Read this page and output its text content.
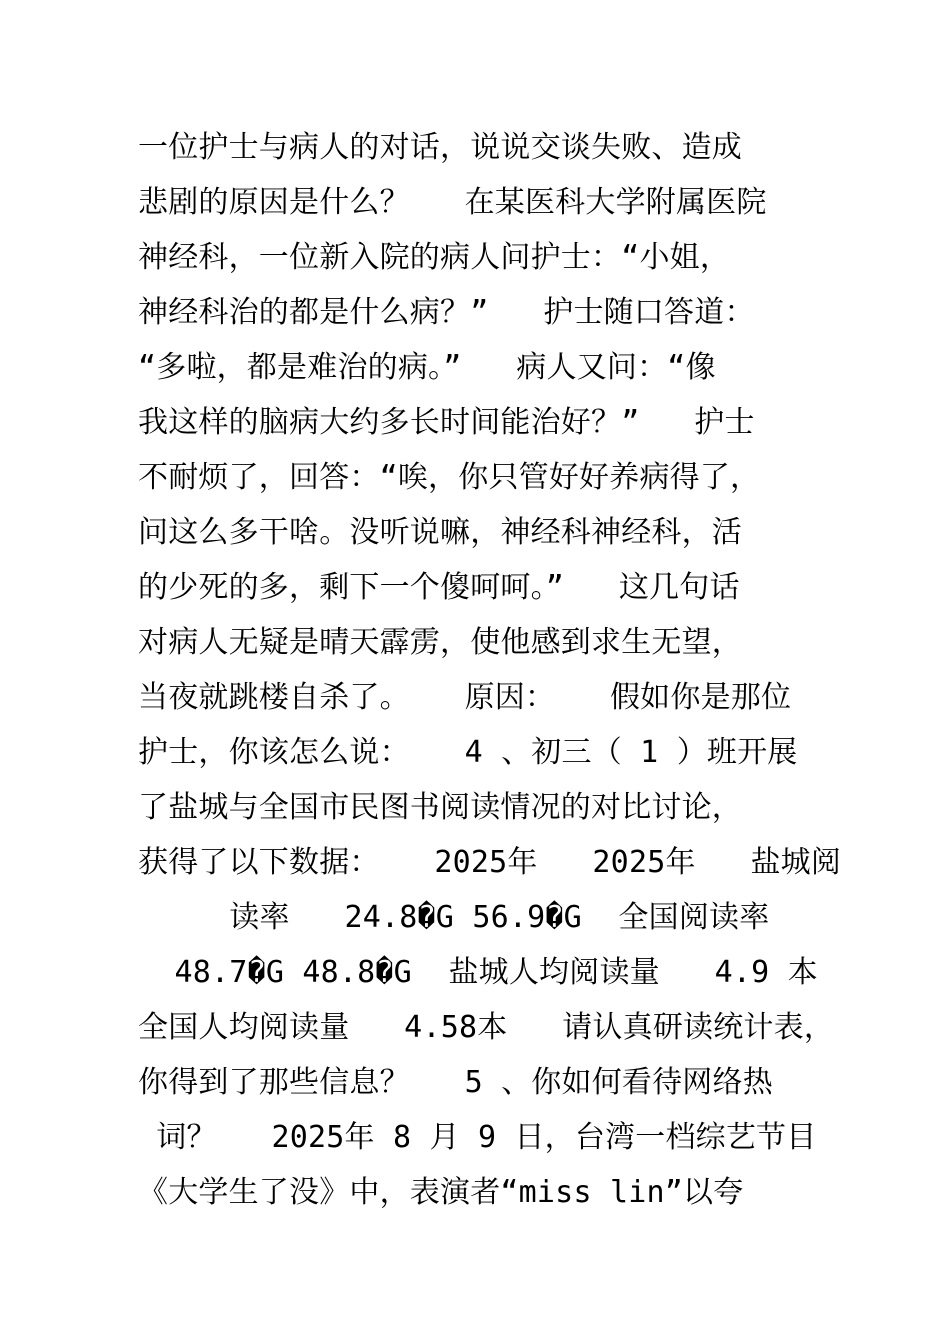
一位护士与病人的对话，说说交谈失败、造成
悲剧的原因是什么？   在某医科大学附属医院
神经科，一位新入院的病人问护士：“小姐，
神经科治的都是什么病？”   护士随口答道：
“多啦，都是难治的病。”   病人又问：“像
我这样的脑病大约多长时间能治好？”   护士
不耐烦了，回答：“唉，你只管好好养病得了，
问这么多干啥。没听说嘛，神经科神经科，活
的少死的多，剩下一个傻呵呵。”   这几句话
对病人无疑是晴天霹雳，使他感到求生无望，
当夜就跳楼自杀了。   原因：   假如你是那位
护士，你该怎么说：   4 、初三（ 1 ）班开展
了盐城与全国市民图书阅读情况的对比讨论，
获得了以下数据：   2025年   2025年   盐城阅
读率   24.8�G 56.9�G  全国阅读率
48.7�G 48.8�G  盐城人均阅读量   4.9 本
全国人均阅读量   4.58本   请认真研读统计表，
你得到了那些信息？   5 、你如何看待网络热
词？   2025年 8 月 9 日，台湾一档综艺节目
《大学生了没》中，表演者“miss lin”以夸
